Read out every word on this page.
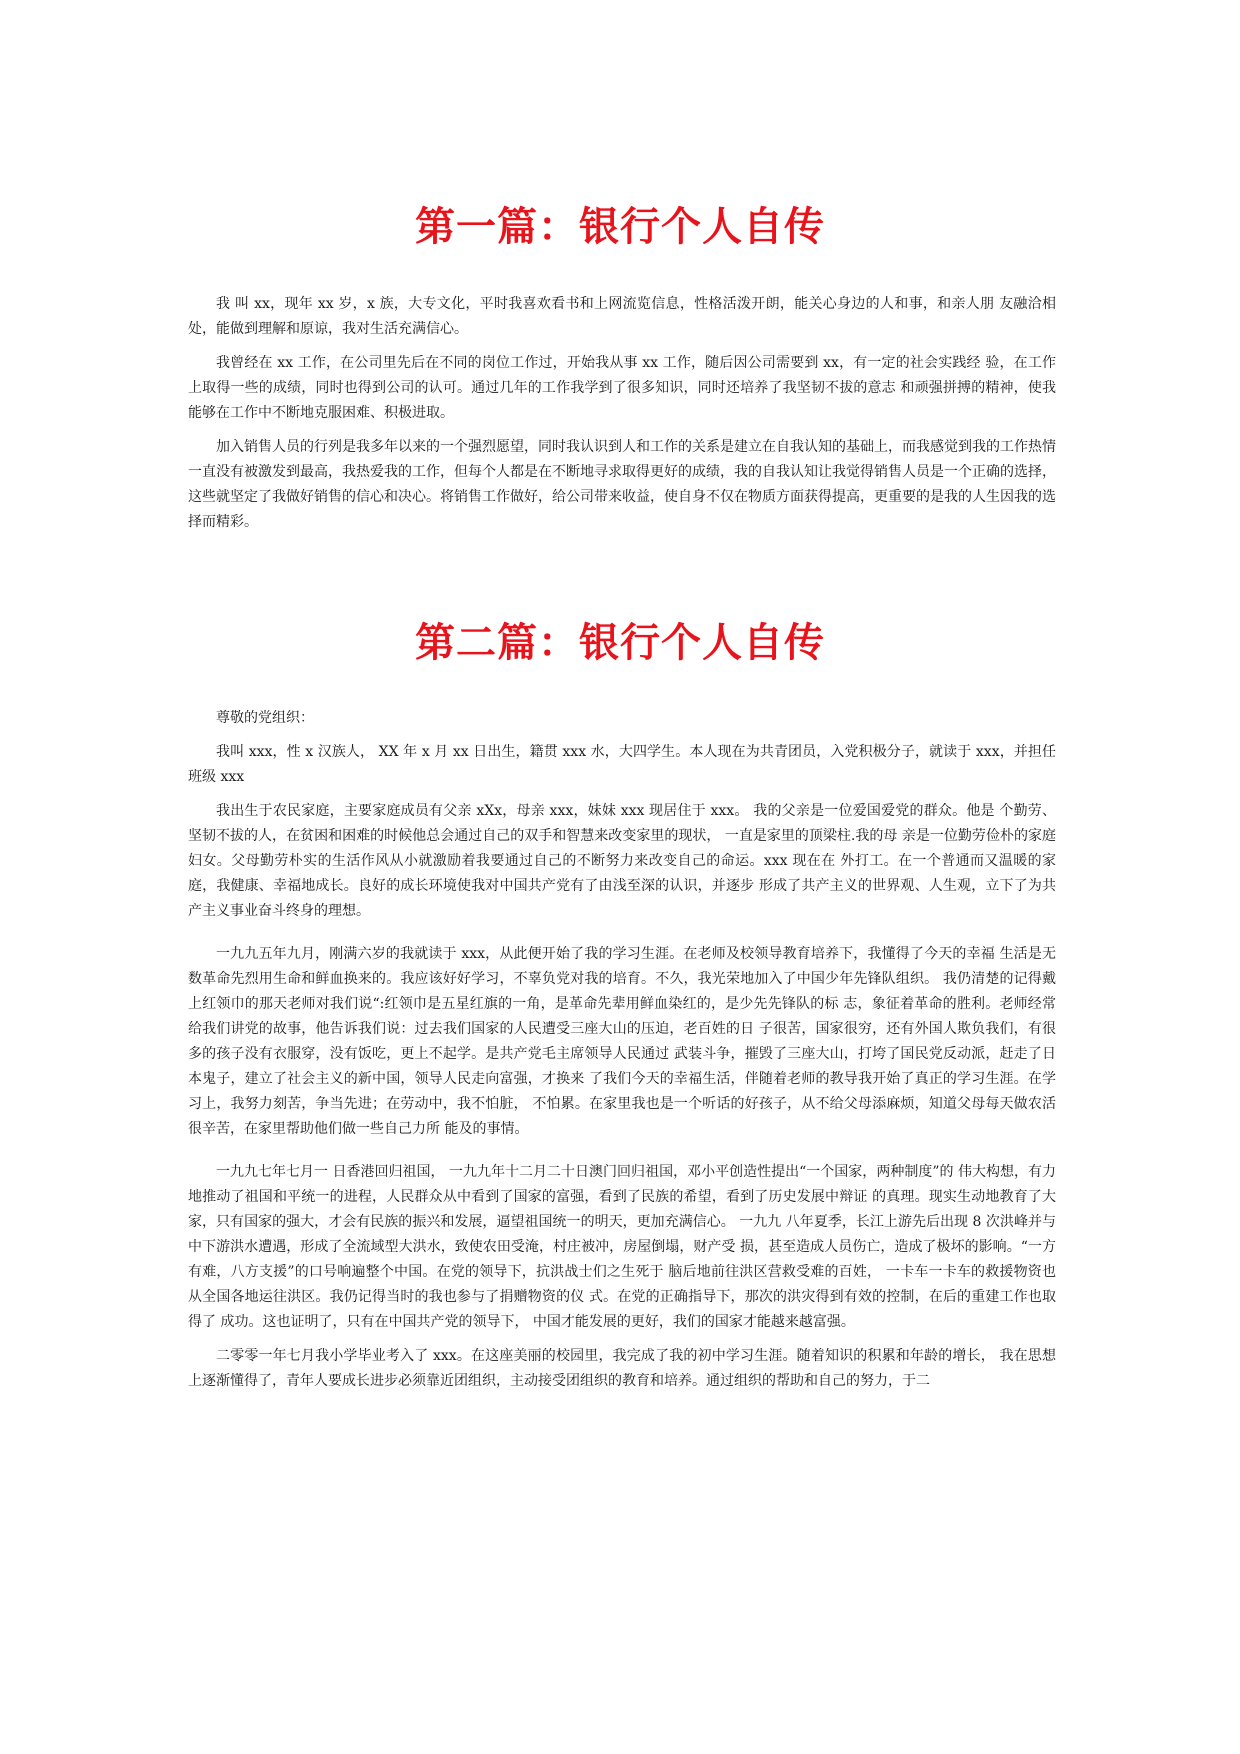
第一篇：银行个人自传

我 叫 xx，现年 xx 岁，x 族，大专文化，平时我喜欢看书和上网流览信息，性格活泼开朗，能关心身边的人和事，和亲人朋 友融洽相处，能做到理解和原谅，我对生活充满信心。

我曾经在 xx 工作，在公司里先后在不同的岗位工作过，开始我从事 xx 工作，随后因公司需要到 xx，有一定的社会实践经 验，在工作上取得一些的成绩，同时也得到公司的认可。通过几年的工作我学到了很多知识，同时还培养了我坚韧不拔的意志 和顽强拼搏的精神，使我能够在工作中不断地克服困难、积极进取。

加入销售人员的行列是我多年以来的一个强烈愿望，同时我认识到人和工作的关系是建立在自我认知的基础上，而我感觉到我的工作热情一直没有被激发到最高，我热爱我的工作，但每个人都是在不断地寻求取得更好的成绩，我的自我认知让我觉得销售人员是一个正确的选择，这些就坚定了我做好销售的信心和决心。将销售工作做好，给公司带来收益，使自身不仅在物质方面获得提高，更重要的是我的人生因我的选择而精彩。

第二篇：银行个人自传

尊敬的党组织：

我叫 xxx，性 x 汉族人， XX 年 x 月 xx 日出生，籍贯 xxx 水，大四学生。本人现在为共青团员，入党积极分子，就读于 xxx，并担任班级 xxx

我出生于农民家庭，主要家庭成员有父亲 xXx，母亲 xxx，妹妹 xxx 现居住于 xxx。 我的父亲是一位爱国爱党的群众。他是 个勤劳、坚韧不拔的人，在贫困和困难的时候他总会通过自己的双手和智慧来改变家里的现状， 一直是家里的顶梁柱.我的母 亲是一位勤劳俭朴的家庭妇女。父母勤劳朴实的生活作风从小就激励着我要通过自己的不断努力来改变自己的命运。xxx 现在在 外打工。在一个普通而又温暖的家庭，我健康、幸福地成长。良好的成长环境使我对中国共产党有了由浅至深的认识，并逐步 形成了共产主义的世界观、人生观，立下了为共产主义事业奋斗终身的理想。

一九九五年九月，刚满六岁的我就读于 xxx，从此便开始了我的学习生涯。在老师及校领导教育培养下，我懂得了今天的幸福 生活是无数革命先烈用生命和鲜血换来的。我应该好好学习，不辜负党对我的培育。不久，我光荣地加入了中国少年先锋队组织。 我仍清楚的记得戴上红领巾的那天老师对我们说“:红领巾是五星红旗的一角，是革命先辈用鲜血染红的，是少先先锋队的标 志，象征着革命的胜利。老师经常给我们讲党的故事，他告诉我们说：过去我们国家的人民遭受三座大山的压迫，老百姓的日 子很苦，国家很穷，还有外国人欺负我们，有很多的孩子没有衣服穿，没有饭吃，更上不起学。是共产党毛主席领导人民通过 武装斗争，摧毁了三座大山，打垮了国民党反动派，赶走了日本鬼子，建立了社会主义的新中国，领导人民走向富强，才换来 了我们今天的幸福生活，伴随着老师的教导我开始了真正的学习生涯。在学习上，我努力刻苦，争当先进；在劳动中，我不怕脏， 不怕累。在家里我也是一个听话的好孩子，从不给父母添麻烦，知道父母每天做农活很辛苦，在家里帮助他们做一些自己力所 能及的事情。

一九九七年七月一 日香港回归祖国， 一九九年十二月二十日澳门回归祖国，邓小平创造性提出“一个国家，两种制度”的 伟大构想，有力地推动了祖国和平统一的进程，人民群众从中看到了国家的富强，看到了民族的希望，看到了历史发展中辩证 的真理。现实生动地教育了大家，只有国家的强大，才会有民族的振兴和发展，逼望祖国统一的明天，更加充满信心。 一九九 八年夏季，长江上游先后出现 8 次洪峰并与中下游洪水遭遇，形成了全流域型大洪水，致使农田受淹，村庄被冲，房屋倒塌，财产受 损，甚至造成人员伤亡，造成了极坏的影响。“一方有难，八方支援”的口号响遍整个中国。在党的领导下，抗洪战士们之生死于 脑后地前往洪区营救受难的百姓， 一卡车一卡车的救援物资也从全国各地运往洪区。我仍记得当时的我也参与了捐赠物资的仪 式。在党的正确指导下，那次的洪灾得到有效的控制，在后的重建工作也取得了 成功。这也证明了，只有在中国共产党的领导下， 中国才能发展的更好，我们的国家才能越来越富强。

二零零一年七月我小学毕业考入了 xxx。在这座美丽的校园里，我完成了我的初中学习生涯。随着知识的积累和年龄的增长， 我在思想上逐渐懂得了，青年人要成长进步必须靠近团组织，主动接受团组织的教育和培养。通过组织的帮助和自己的努力，于二
